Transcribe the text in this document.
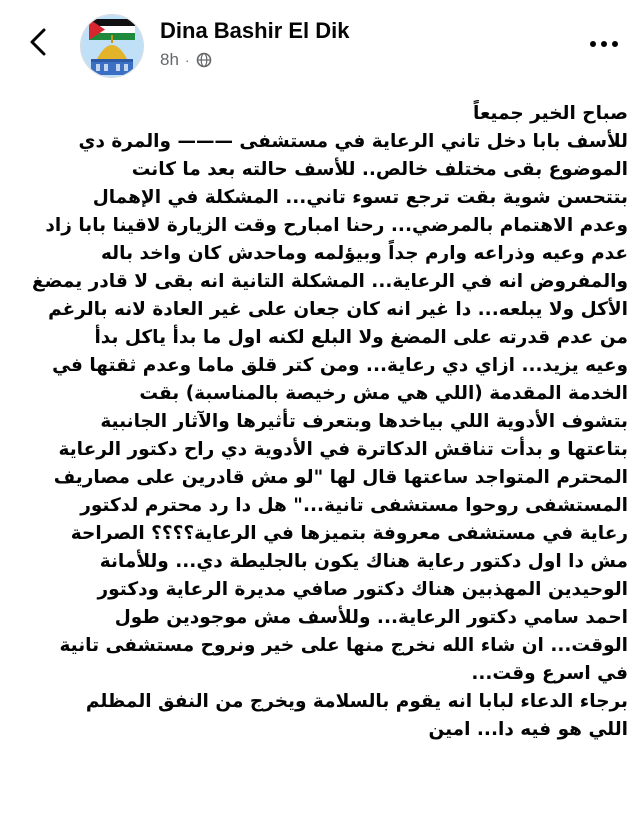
Dina Bashir El Dik
8h ·

صباح الخير جميعاً

للأسف بابا دخل تاني الرعاية في مستشفى ——— والمرة دي

الموضوع بقى مختلف خالص.. للأسف حالته بعد ما كانت

بتتحسن شوية بقت ترجع تسوء تاني... المشكلة في الإهمال

وعدم الاهتمام بالمرضي... رحنا امبارح وقت الزيارة لاقينا بابا زاد

عدم وعيه وذراعه وارم جداً وبيؤلمه وماحدش كان واخد باله

والمفروض انه في الرعاية... المشكلة التانية انه بقى لا قادر يمضغ

الأكل ولا يبلعه... دا غير انه كان جعان على غير العادة لانه بالرغم

من عدم قدرته على المضغ ولا البلع لكنه اول ما بدأ ياكل بدأ

وعيه يزيد... ازاي دي رعاية... ومن كتر قلق ماما وعدم ثقتها في

الخدمة المقدمة (اللي هي مش رخيصة بالمناسبة) بقت

بتشوف الأدوية اللي بياخدها وبتعرف تأثيرها والآثار الجانبية

بتاعتها و بدأت تناقش الدكاترة في الأدوية دي راح دكتور الرعاية

المحترم المتواجد ساعتها قال لها "لو مش قادرين على مصاريف

المستشفى روحوا مستشفى تانية..." هل دا رد محترم لدكتور

رعاية في مستشفى معروفة بتميزها في الرعاية؟؟؟؟ الصراحة

مش دا اول دكتور رعاية هناك يكون بالجليطة دي... وللأمانة

الوحيدين المهذبين هناك دكتور صافي مديرة الرعاية ودكتور

احمد سامي دكتور الرعاية... وللأسف مش موجودين طول

الوقت... ان شاء الله نخرج منها على خير ونروح مستشفى تانية

في اسرع وقت...

برجاء الدعاء لبابا انه يقوم بالسلامة ويخرج من النفق المظلم

اللي هو فيه دا... امين
